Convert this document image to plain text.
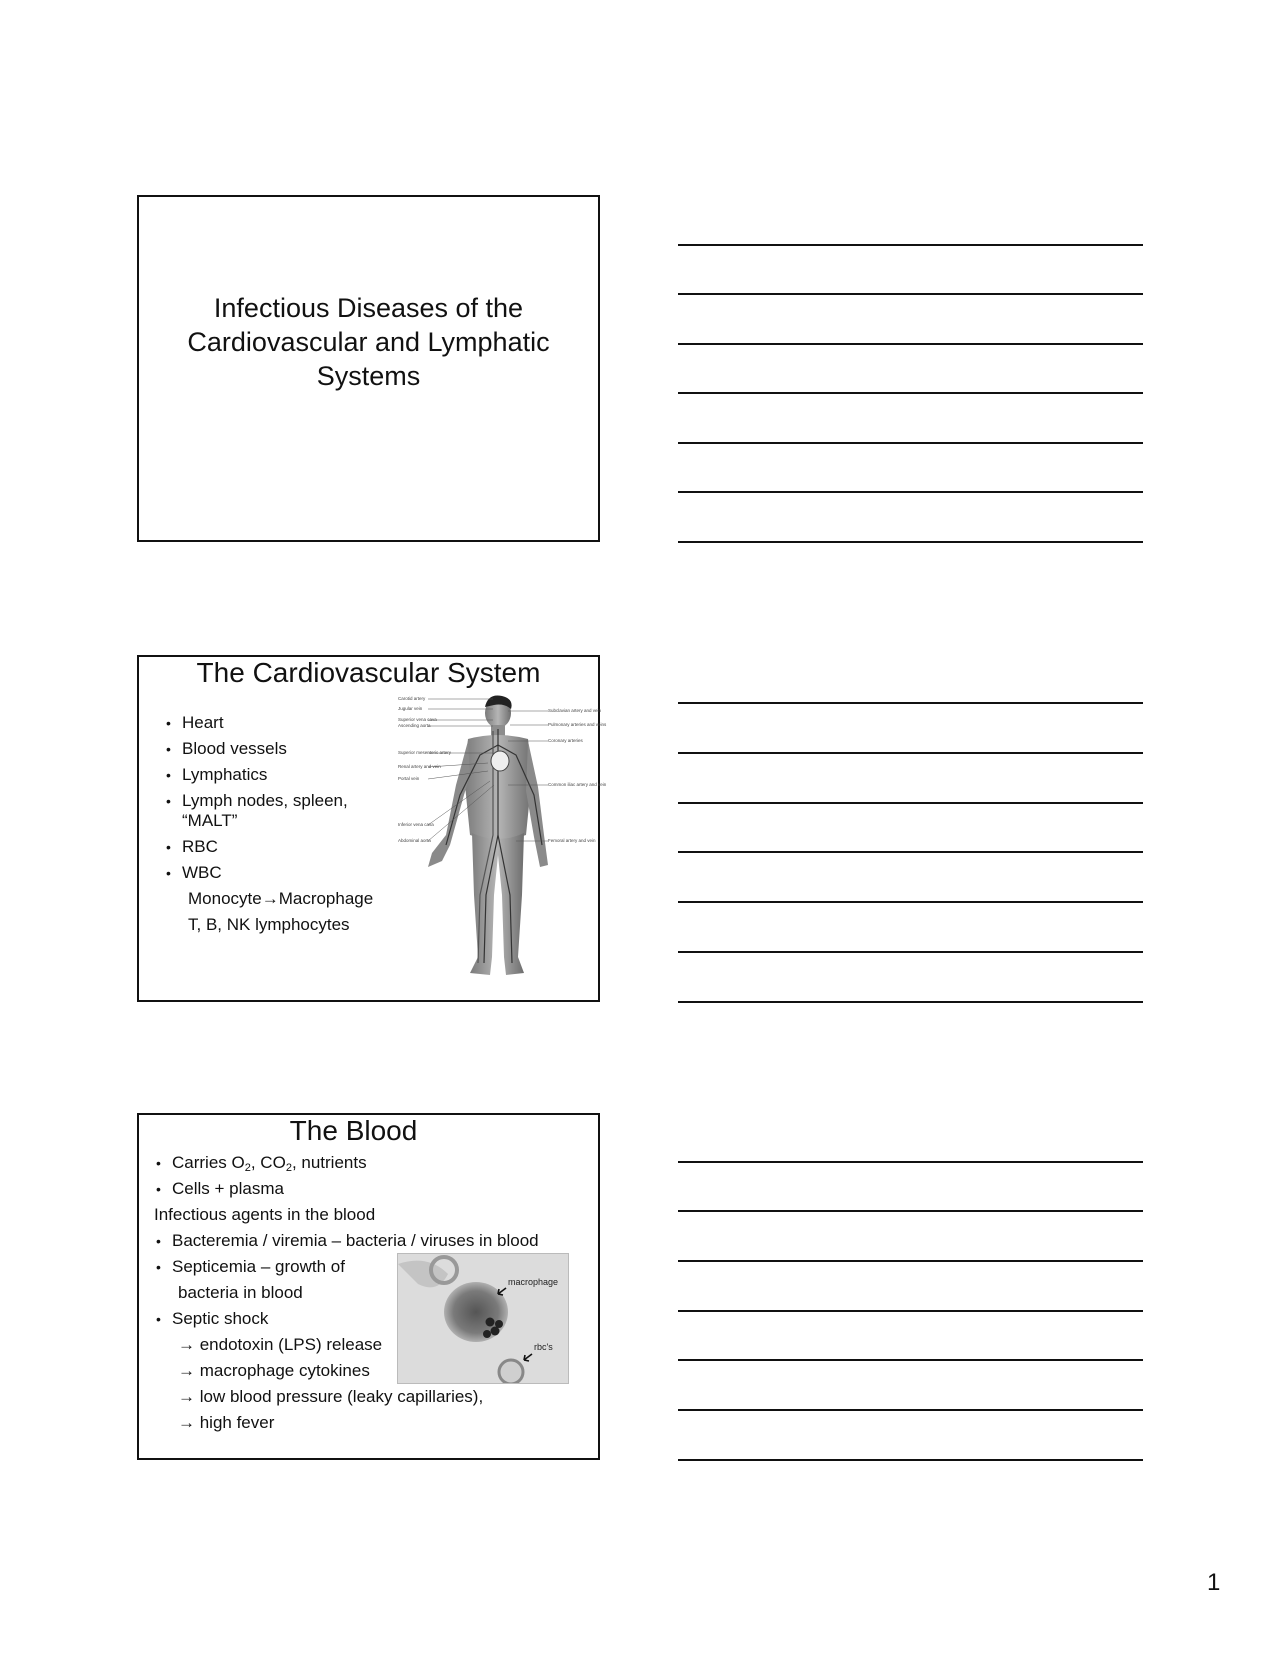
Infectious Diseases of the
Cardiovascular and Lymphatic
Systems
The Cardiovascular System
• Heart
• Blood vessels
• Lymphatics
• Lymph nodes, spleen,
“MALT”
• RBC
• WBC
Monocyte→Macrophage
T, B, NK lymphocytes
Carotid artery
Jugular vein
Superior vena cava
Ascending aorta
Superior mesenteric artery
Renal artery and vein
Portal vein
Inferior vena cava
Abdominal aorta
Subclavian artery and vein
Pulmonary arteries and veins
Coronary arteries
Common iliac artery and vein
Femoral artery and vein
The Blood
• Carries $O_2$, $CO_2$, nutrients
• Cells + plasma
Infectious agents in the blood
• Bacteremia / viremia – bacteria / viruses in blood
• Septicemia – growth of
bacteria in blood
• Septic shock
→ endotoxin (LPS) release
→ macrophage cytokines
→ low blood pressure (leaky capillaries),
→ high fever
macrophage
rbc's
1
